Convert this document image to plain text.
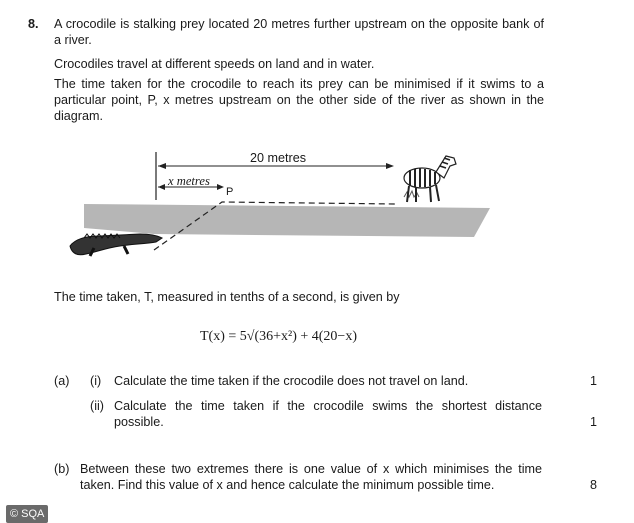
8. A crocodile is stalking prey located 20 metres further upstream on the opposite bank of a river.
Crocodiles travel at different speeds on land and in water.
The time taken for the crocodile to reach its prey can be minimised if it swims to a particular point, P, x metres upstream on the other side of the river as shown in the diagram.
20 metres
x metres
P
The time taken, T, measured in tenths of a second, is given by
T(x) = 5√(36+x²) + 4(20−x)
(a) (i) Calculate the time taken if the crocodile does not travel on land.	1
(ii) Calculate the time taken if the crocodile swims the shortest distance possible.	1
(b) Between these two extremes there is one value of x which minimises the time taken. Find this value of x and hence calculate the minimum possible time.	8
© SQA
